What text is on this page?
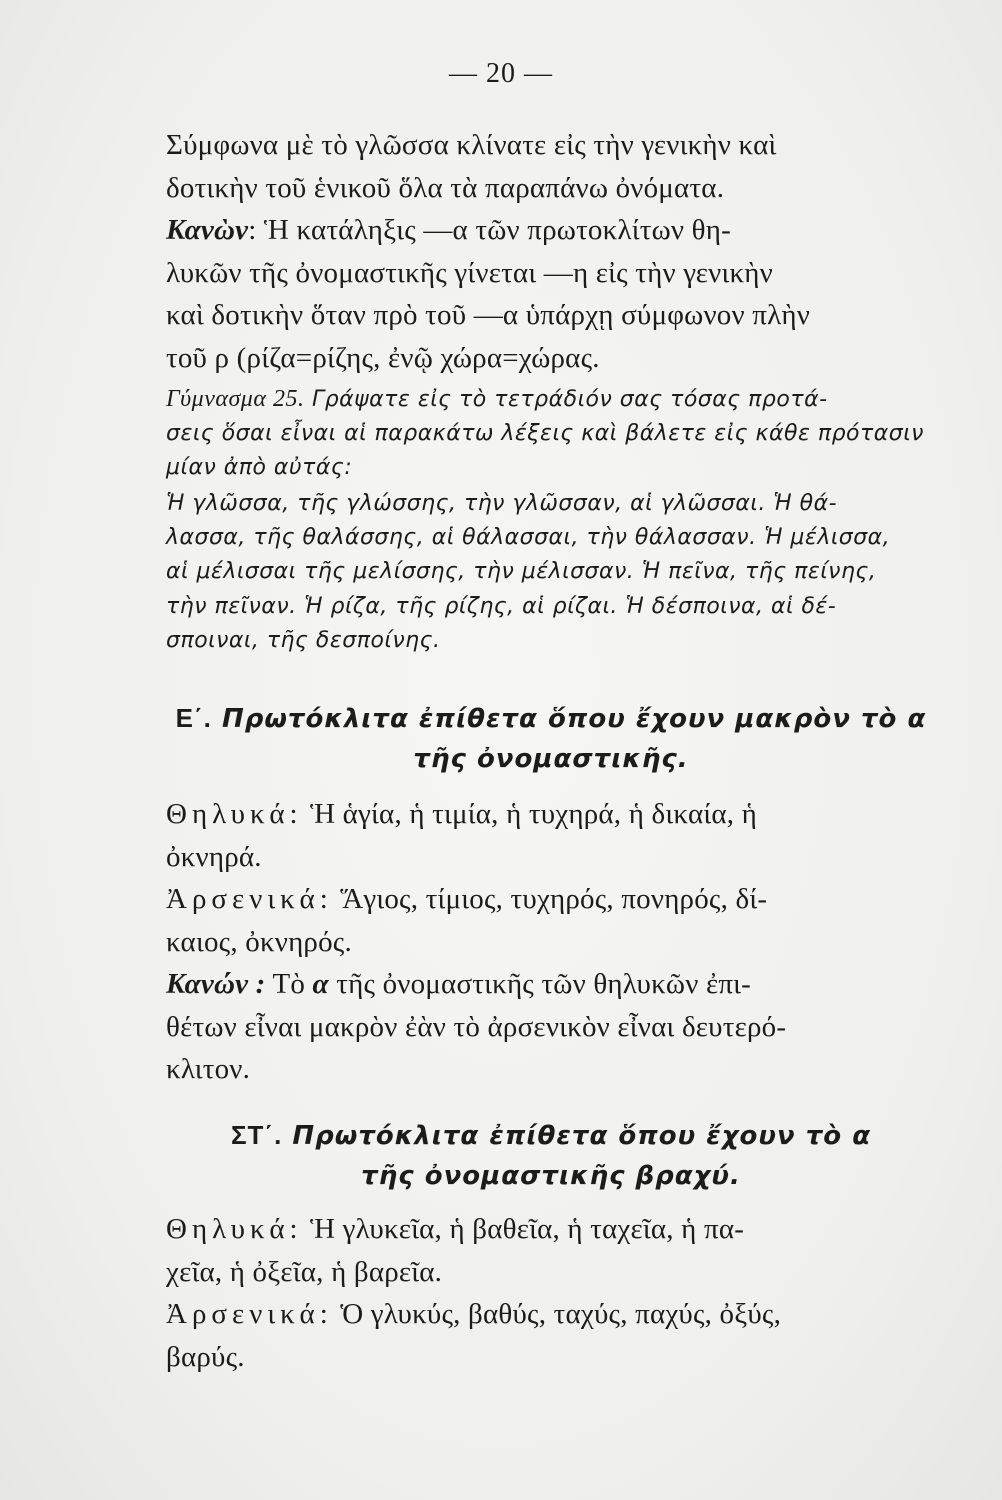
— 20 —

Σύμφωνα μὲ τὸ γλῶσσα κλίνατε εἰς τὴν γενικὴν καὶ
δοτικὴν τοῦ ἑνικοῦ ὅλα τὰ παραπάνω ὀνόματα.

Κανὼν: Ἡ κατάληξις —α τῶν πρωτοκλίτων θη-
λυκῶν τῆς ὀνομαστικῆς γίνεται —η εἰς τὴν γενικὴν
καὶ δοτικὴν ὅταν πρὸ τοῦ —α ὑπάρχῃ σύμφωνον πλὴν
τοῦ ρ (ρίζα=ρίζης, ἐνῷ χώρα=χώρας.

Γύμνασμα 25. Γράψατε εἰς τὸ τετράδιόν σας τόσας προτά-
σεις ὅσαι εἶναι αἱ παρακάτω λέξεις καὶ βάλετε εἰς κάθε πρότασιν
μίαν ἀπὸ αὐτάς:

Ἡ γλῶσσα, τῆς γλώσσης, τὴν γλῶσσαν, αἱ γλῶσσαι. Ἡ θά-
λασσα, τῆς θαλάσσης, αἱ θάλασσαι, τὴν θάλασσαν. Ἡ μέλισσα,
αἱ μέλισσαι τῆς μελίσσης, τὴν μέλισσαν. Ἡ πεῖνα, τῆς πείνης,
τὴν πεῖναν. Ἡ ρίζα, τῆς ρίζης, αἱ ρίζαι. Ἡ δέσποινα, αἱ δέ-
σποιναι, τῆς δεσποίνης.

Ε΄. Πρωτόκλιτα ἐπίθετα ὅπου ἔχουν μακρὸν τὸ α
τῆς ὀνομαστικῆς.

Θηλυκά: Ἡ ἁγία, ἡ τιμία, ἡ τυχηρά, ἡ δικαία, ἡ
ὀκνηρά.

Ἀρσενικά: Ἅγιος, τίμιος, τυχηρός, πονηρός, δί-
καιος, ὀκνηρός.

Κανών : Τὸ α τῆς ὀνομαστικῆς τῶν θηλυκῶν ἐπι-
θέτων εἶναι μακρὸν ἐὰν τὸ ἀρσενικὸν εἶναι δευτερό-
κλιτον.

ΣΤ΄. Πρωτόκλιτα ἐπίθετα ὅπου ἔχουν τὸ α
τῆς ὀνομαστικῆς βραχύ.

Θηλυκά: Ἡ γλυκεῖα, ἡ βαθεῖα, ἡ ταχεῖα, ἡ πα-
χεῖα, ἡ ὀξεῖα, ἡ βαρεῖα.

Ἀρσενικά: Ὁ γλυκύς, βαθύς, ταχύς, παχύς, ὀξύς,
βαρύς.
